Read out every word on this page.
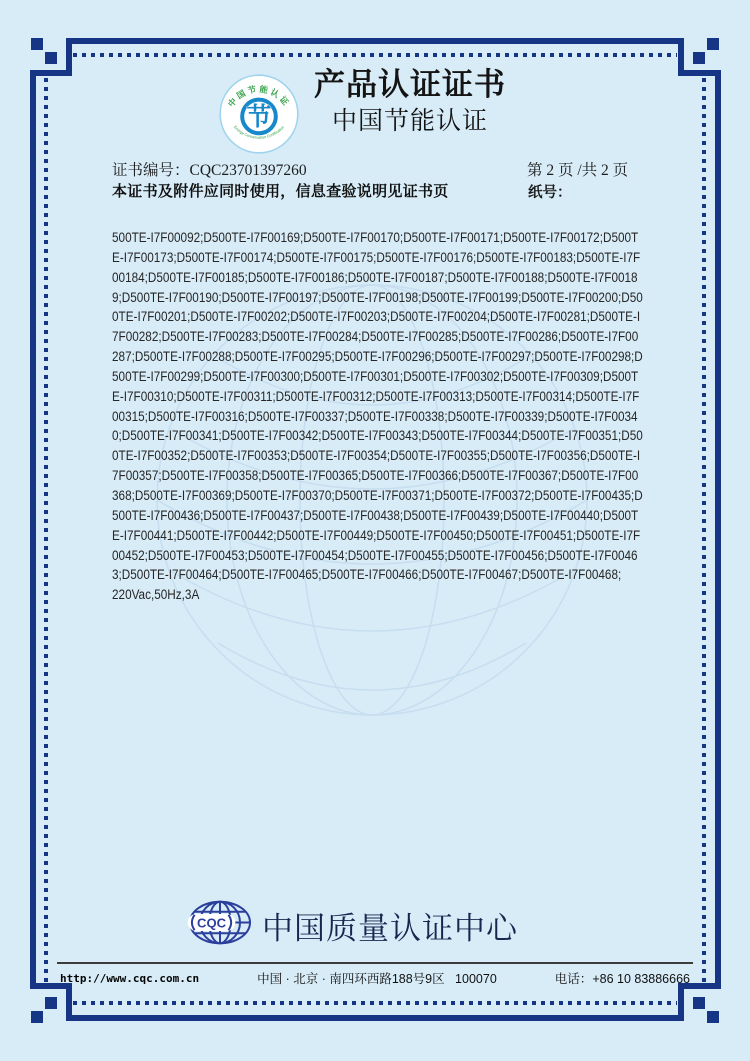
中国节能认证
Energy Conservation Certification
节
产品认证证书
中国节能认证
证书编号：CQC23701397260	第 2 页 /共 2 页
本证书及附件应同时使用，信息查验说明见证书页	纸号：
500TE-I7F00092;D500TE-I7F00169;D500TE-I7F00170;D500TE-I7F00171;D500TE-I7F00172;D500T
E-I7F00173;D500TE-I7F00174;D500TE-I7F00175;D500TE-I7F00176;D500TE-I7F00183;D500TE-I7F
00184;D500TE-I7F00185;D500TE-I7F00186;D500TE-I7F00187;D500TE-I7F00188;D500TE-I7F0018
9;D500TE-I7F00190;D500TE-I7F00197;D500TE-I7F00198;D500TE-I7F00199;D500TE-I7F00200;D50
0TE-I7F00201;D500TE-I7F00202;D500TE-I7F00203;D500TE-I7F00204;D500TE-I7F00281;D500TE-I
7F00282;D500TE-I7F00283;D500TE-I7F00284;D500TE-I7F00285;D500TE-I7F00286;D500TE-I7F00
287;D500TE-I7F00288;D500TE-I7F00295;D500TE-I7F00296;D500TE-I7F00297;D500TE-I7F00298;D
500TE-I7F00299;D500TE-I7F00300;D500TE-I7F00301;D500TE-I7F00302;D500TE-I7F00309;D500T
E-I7F00310;D500TE-I7F00311;D500TE-I7F00312;D500TE-I7F00313;D500TE-I7F00314;D500TE-I7F
00315;D500TE-I7F00316;D500TE-I7F00337;D500TE-I7F00338;D500TE-I7F00339;D500TE-I7F0034
0;D500TE-I7F00341;D500TE-I7F00342;D500TE-I7F00343;D500TE-I7F00344;D500TE-I7F00351;D50
0TE-I7F00352;D500TE-I7F00353;D500TE-I7F00354;D500TE-I7F00355;D500TE-I7F00356;D500TE-I
7F00357;D500TE-I7F00358;D500TE-I7F00365;D500TE-I7F00366;D500TE-I7F00367;D500TE-I7F00
368;D500TE-I7F00369;D500TE-I7F00370;D500TE-I7F00371;D500TE-I7F00372;D500TE-I7F00435;D
500TE-I7F00436;D500TE-I7F00437;D500TE-I7F00438;D500TE-I7F00439;D500TE-I7F00440;D500T
E-I7F00441;D500TE-I7F00442;D500TE-I7F00449;D500TE-I7F00450;D500TE-I7F00451;D500TE-I7F
00452;D500TE-I7F00453;D500TE-I7F00454;D500TE-I7F00455;D500TE-I7F00456;D500TE-I7F0046
3;D500TE-I7F00464;D500TE-I7F00465;D500TE-I7F00466;D500TE-I7F00467;D500TE-I7F00468;
220Vac,50Hz,3A
CQC 中国质量认证中心
http://www.cqc.com.cn	中国 · 北京 · 南四环西路188号9区   100070	电话：+86 10 83886666
